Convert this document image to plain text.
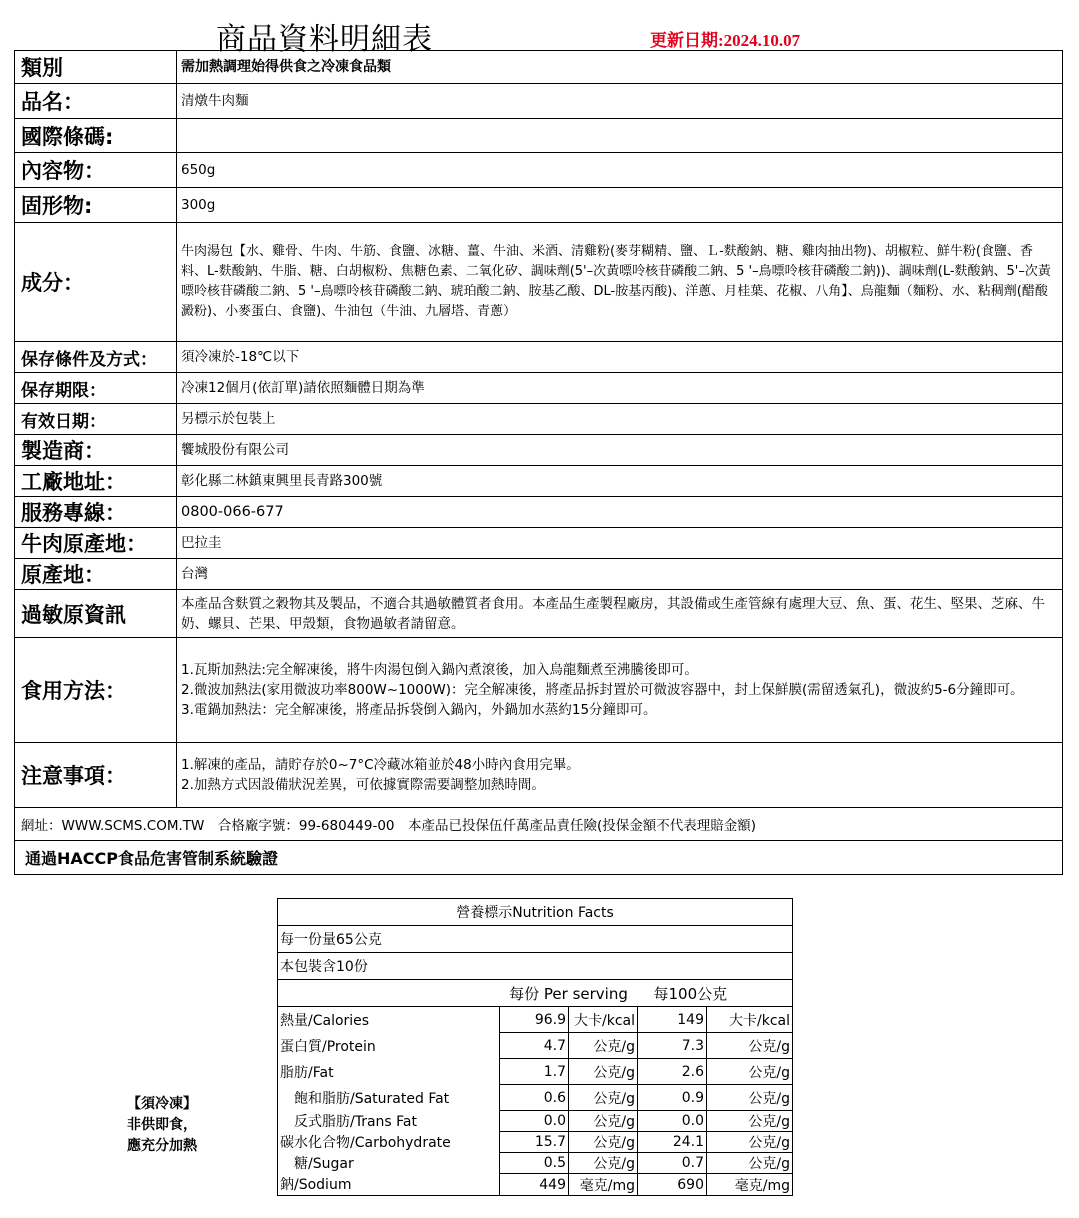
商品資料明細表	更新日期:2024.10.07
類別	需加熱調理始得供食之冷凍食品類
品名：	清燉牛肉麵
國際條碼:	
內容物：	650g
固形物:	300g
成分：	牛肉湯包【水、雞骨、牛肉、牛筋、食鹽、冰糖、薑、牛油、米酒、清雞粉(麥芽糊精、鹽、Ｌ-麩酸鈉、糖、雞肉抽出物)、胡椒粒、鮮牛粉(食鹽、香料、L-麩酸鈉、牛脂、糖、白胡椒粉、焦糖色素、二氧化矽、調味劑(5'–次黃嘌呤核苷磷酸二鈉、5 '–鳥嘌呤核苷磷酸二鈉))、調味劑(L-麩酸鈉、5'–次黃嘌呤核苷磷酸二鈉、5 '–鳥嘌呤核苷磷酸二鈉、琥珀酸二鈉、胺基乙酸、DL-胺基丙酸)、洋蔥、月桂葉、花椒、八角】、烏龍麵（麵粉、水、粘稠劑(醋酸澱粉)、小麥蛋白、食鹽)、牛油包（牛油、九層塔、青蔥）
保存條件及方式：	須冷凍於-18℃以下
保存期限：	冷凍12個月(依訂單)請依照麵體日期為準
有效日期：	另標示於包裝上
製造商：	饗城股份有限公司
工廠地址：	彰化縣二林鎮東興里長青路300號
服務專線：	0800-066-677
牛肉原產地：	巴拉圭
原產地：	台灣
過敏原資訊	本產品含麩質之穀物其及製品，不適合其過敏體質者食用。本產品生產製程廠房，其設備或生產管線有處理大豆、魚、蛋、花生、堅果、芝麻、牛奶、螺貝、芒果、甲殼類，食物過敏者請留意。
食用方法：	1.瓦斯加熱法:完全解凍後，將牛肉湯包倒入鍋內煮滾後，加入烏龍麵煮至沸騰後即可。
2.微波加熱法(家用微波功率800W~1000W)：完全解凍後，將產品拆封置於可微波容器中，封上保鮮膜(需留透氣孔)，微波約5-6分鐘即可。
3.電鍋加熱法：完全解凍後，將產品拆袋倒入鍋內，外鍋加水蒸約15分鐘即可。

注意事項：	1.解凍的產品，請貯存於0~7°C冷藏冰箱並於48小時內食用完畢。
2.加熱方式因設備狀況差異，可依據實際需要調整加熱時間。

網址：WWW.SCMS.COM.TW　合格廠字號：99-680449-00　本產品已投保伍仟萬產品責任險(投保金額不代表理賠金額)	
通過HACCP食品危害管制系統驗證	
營養標示Nutrition Facts				
每一份量65公克				
本包裝含10份				
	每份 Per serving		每100公克	
熱量/Calories	96.9	大卡/kcal	149	大卡/kcal
蛋白質/Protein	4.7	公克/g	7.3	公克/g
脂肪/Fat	1.7	公克/g	2.6	公克/g
　飽和脂肪/Saturated Fat	0.6	公克/g	0.9	公克/g
　反式脂肪/Trans Fat	0.0	公克/g	0.0	公克/g
碳水化合物/Carbohydrate	15.7	公克/g	24.1	公克/g
　糖/Sugar	0.5	公克/g	0.7	公克/g
鈉/Sodium	449	毫克/mg	690	毫克/mg
【須冷凍】
非供即食，
應充分加熱
